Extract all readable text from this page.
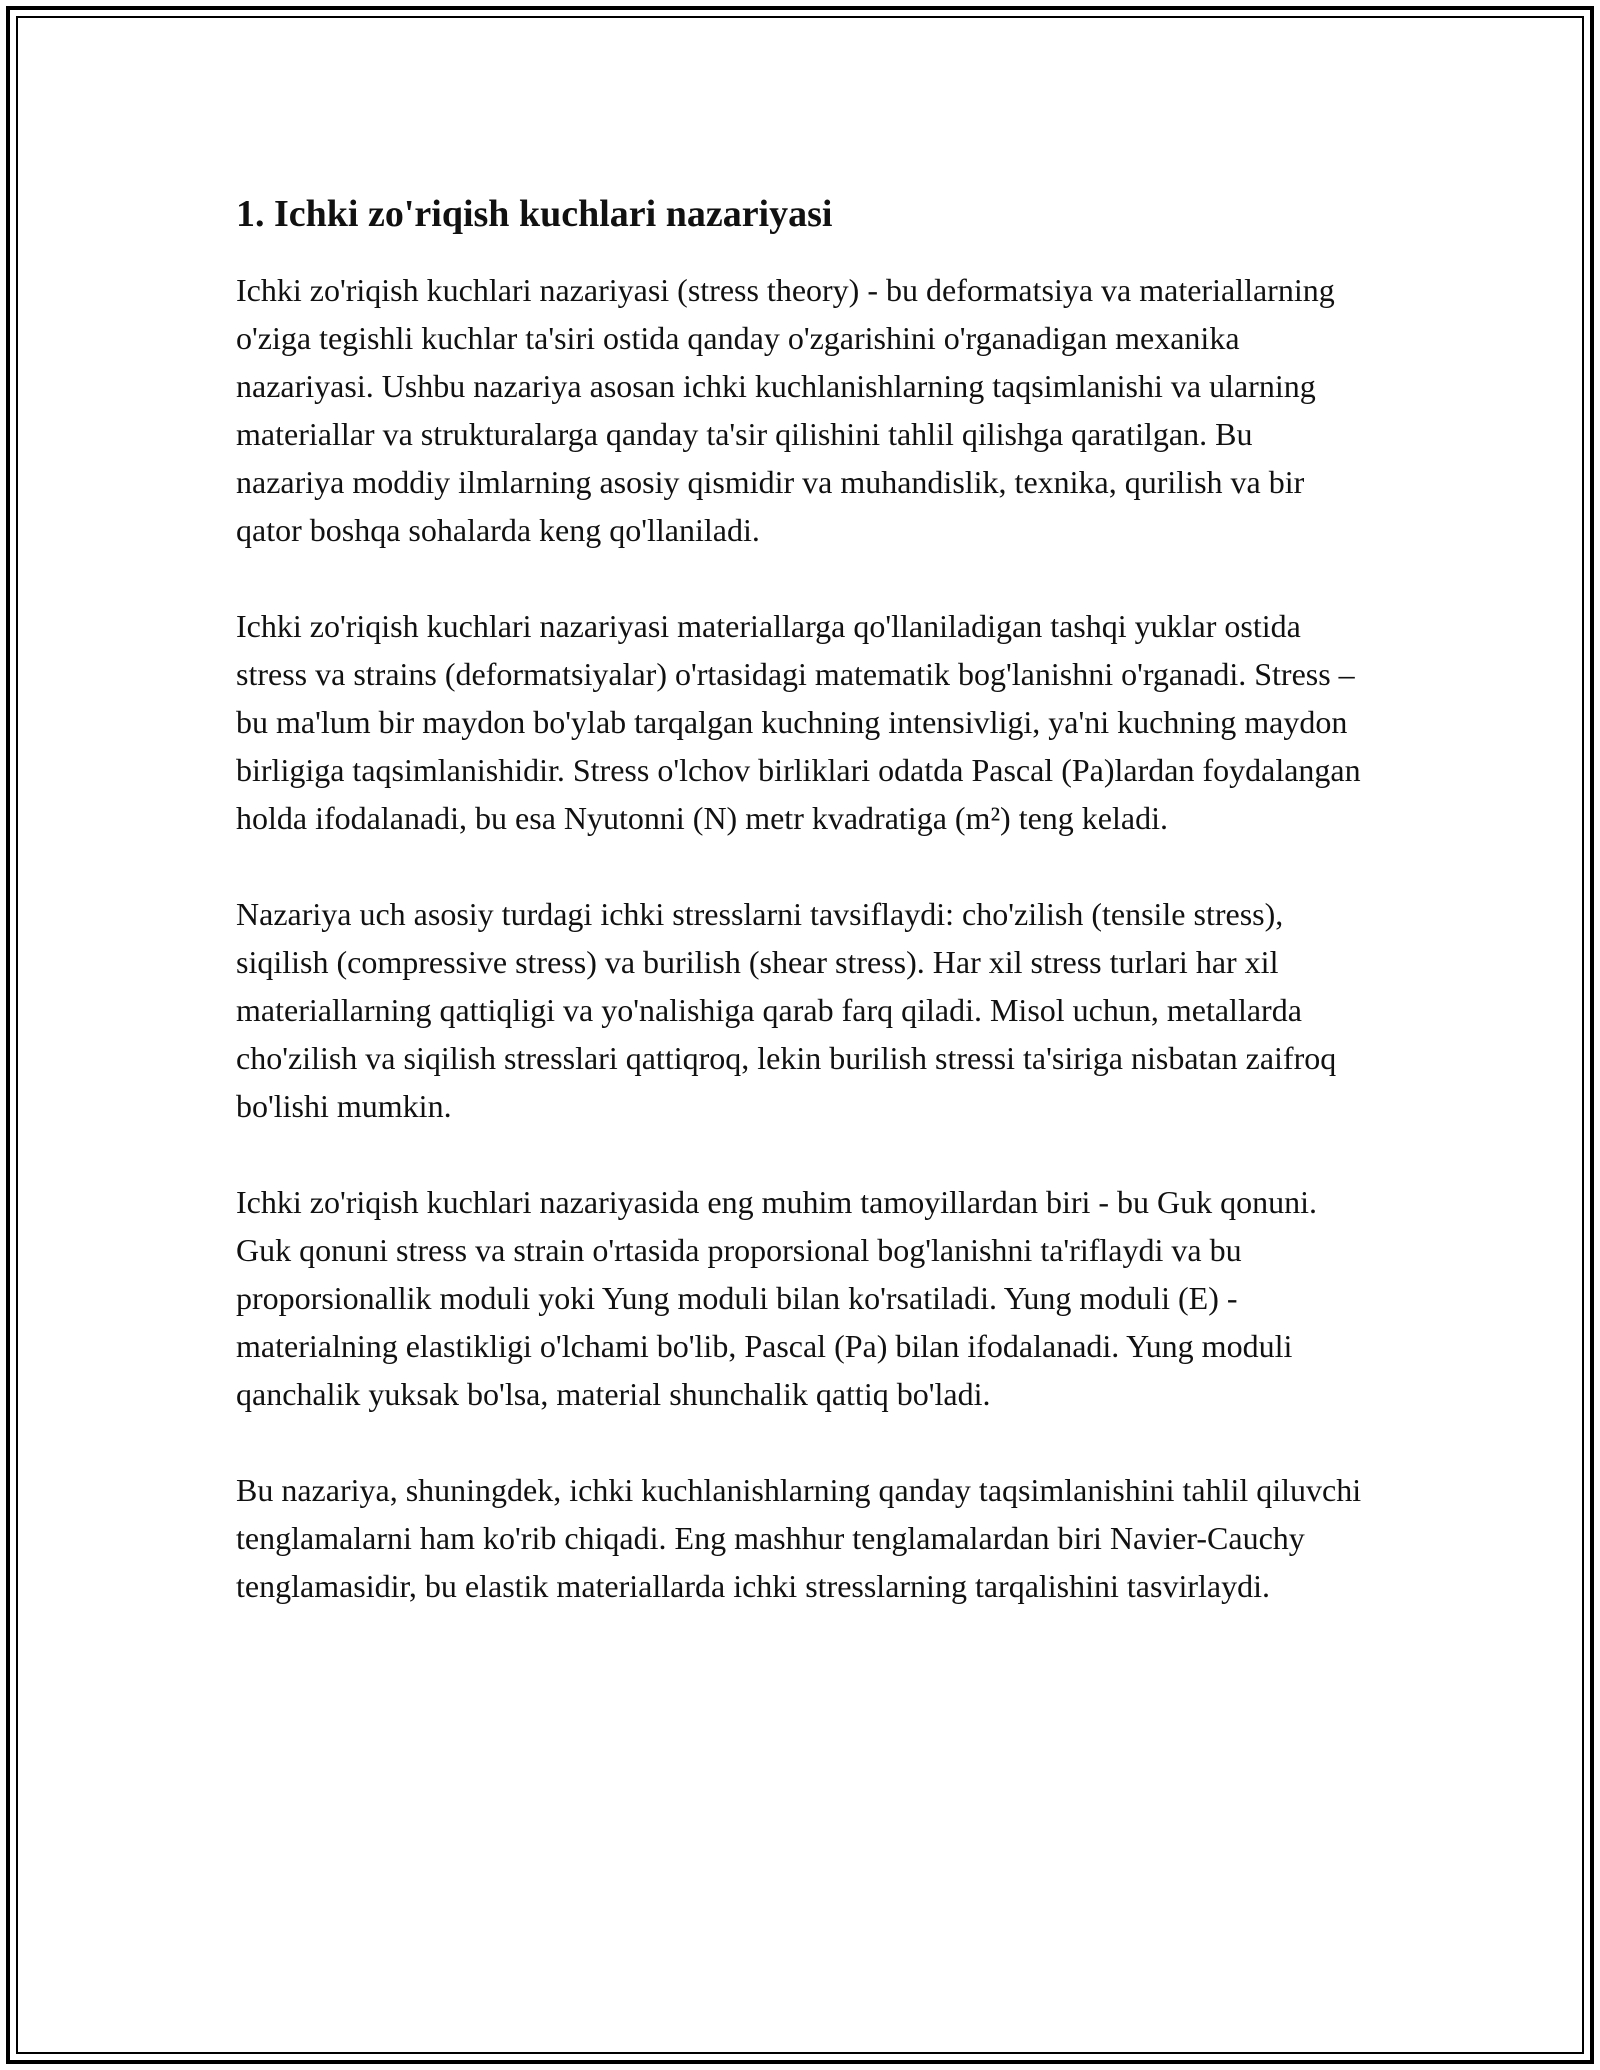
1. Ichki zo'riqish kuchlari nazariyasi

Ichki zo'riqish kuchlari nazariyasi (stress theory) - bu deformatsiya va materiallarning o'ziga tegishli kuchlar ta'siri ostida qanday o'zgarishini o'rganadigan mexanika nazariyasi. Ushbu nazariya asosan ichki kuchlanishlarning taqsimlanishi va ularning materiallar va strukturalarga qanday ta'sir qilishini tahlil qilishga qaratilgan. Bu nazariya moddiy ilmlarning asosiy qismidir va muhandislik, texnika, qurilish va bir qator boshqa sohalarda keng qo'llaniladi.

Ichki zo'riqish kuchlari nazariyasi materiallarga qo'llaniladigan tashqi yuklar ostida stress va strains (deformatsiyalar) o'rtasidagi matematik bog'lanishni o'rganadi. Stress – bu ma'lum bir maydon bo'ylab tarqalgan kuchning intensivligi, ya'ni kuchning maydon birligiga taqsimlanishidir. Stress o'lchov birliklari odatda Pascal (Pa)lardan foydalangan holda ifodalanadi, bu esa Nyutonni (N) metr kvadratiga (m²) teng keladi.

Nazariya uch asosiy turdagi ichki stresslarni tavsiflaydi: cho'zilish (tensile stress), siqilish (compressive stress) va burilish (shear stress). Har xil stress turlari har xil materiallarning qattiqligi va yo'nalishiga qarab farq qiladi. Misol uchun, metallarda cho'zilish va siqilish stresslari qattiqroq, lekin burilish stressi ta'siriga nisbatan zaifroq bo'lishi mumkin.

Ichki zo'riqish kuchlari nazariyasida eng muhim tamoyillardan biri - bu Guk qonuni. Guk qonuni stress va strain o'rtasida proporsional bog'lanishni ta'riflaydi va bu proporsionallik moduli yoki Yung moduli bilan ko'rsatiladi. Yung moduli (E) - materialning elastikligi o'lchami bo'lib, Pascal (Pa) bilan ifodalanadi. Yung moduli qanchalik yuksak bo'lsa, material shunchalik qattiq bo'ladi.

Bu nazariya, shuningdek, ichki kuchlanishlarning qanday taqsimlanishini tahlil qiluvchi tenglamalarni ham ko'rib chiqadi. Eng mashhur tenglamalardan biri Navier-Cauchy tenglamasidir, bu elastik materiallarda ichki stresslarning tarqalishini tasvirlaydi.
